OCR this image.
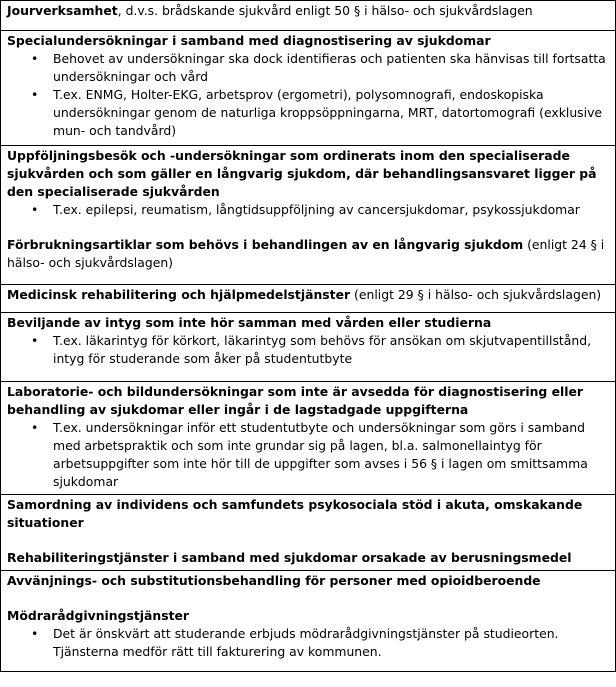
Jourverksamhet, d.v.s. brådskande sjukvård enligt 50 § i hälso- och sjukvårdslagen

Specialundersökningar i samband med diagnostisering av sjukdomar

• Behovet av undersökningar ska dock identifieras och patienten ska hänvisas till fortsatta undersökningar och vård
• T.ex. ENMG, Holter-EKG, arbetsprov (ergometri), polysomnografi, endoskopiska undersökningar genom de naturliga kroppsöppningarna, MRT, datortomografi (exklusive mun- och tandvård)

Uppföljningsbesök och -undersökningar som ordinerats inom den specialiserade sjukvården och som gäller en långvarig sjukdom, där behandlingsansvaret ligger på den specialiserade sjukvården

• T.ex. epilepsi, reumatism, långtidsuppföljning av cancersjukdomar, psykossjukdomar

Förbrukningsartiklar som behövs i behandlingen av en långvarig sjukdom (enligt 24 § i hälso- och sjukvårdslagen)

Medicinsk rehabilitering och hjälpmedelstjänster (enligt 29 § i hälso- och sjukvårdslagen)

Beviljande av intyg som inte hör samman med vården eller studierna

• T.ex. läkarintyg för körkort, läkarintyg som behövs för ansökan om skjutvapentillstånd, intyg för studerande som åker på studentutbyte

Laboratorie- och bildundersökningar som inte är avsedda för diagnostisering eller behandling av sjukdomar eller ingår i de lagstadgade uppgifterna

• T.ex. undersökningar inför ett studentutbyte och undersökningar som görs i samband med arbetspraktik och som inte grundar sig på lagen, bl.a. salmonellaintyg för arbetsuppgifter som inte hör till de uppgifter som avses i 56 § i lagen om smittsamma sjukdomar

Samordning av individens och samfundets psykosociala stöd i akuta, omskakande situationer

Rehabiliteringstjänster i samband med sjukdomar orsakade av berusningsmedel

Avvänjnings- och substitutionsbehandling för personer med opioidberoende

Mödrarådgivningstjänster

• Det är önskvärt att studerande erbjuds mödrarådgivningstjänster på studieorten. Tjänsterna medför rätt till fakturering av kommunen.
